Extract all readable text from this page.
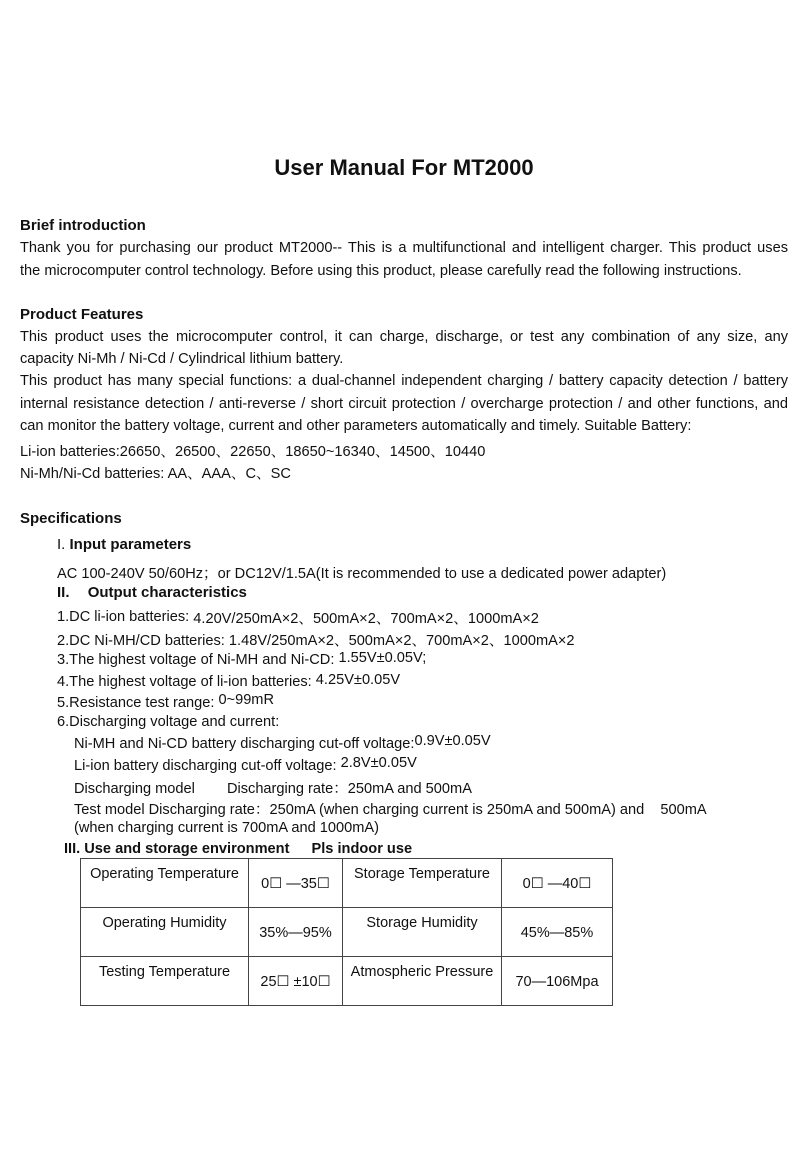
User Manual For MT2000
Brief introduction
Thank you for purchasing our product MT2000-- This is a multifunctional and intelligent charger. This product uses
the microcomputer control technology. Before using this product, please carefully read the following instructions.
Product Features
This product uses the microcomputer control, it can charge, discharge, or test any combination of any size, any
capacity Ni-Mh / Ni-Cd / Cylindrical lithium battery.
This product has many special functions: a dual-channel independent charging / battery capacity detection / battery
internal resistance detection / anti-reverse / short circuit protection / overcharge protection / and other functions, and
can monitor the battery voltage, current and other parameters automatically and timely. Suitable Battery:
Li-ion batteries:26650、26500、22650、18650~16340、14500、10440
Ni-Mh/Ni-Cd batteries: AA、AAA、C、SC
Specifications
I. Input parameters
AC 100-240V 50/60Hz；or DC12V/1.5A(It is recommended to use a dedicated power adapter)
II. Output characteristics
1.DC li-ion batteries: 4.20V/250mA×2、500mA×2、700mA×2、1000mA×2
2.DC Ni-MH/CD batteries: 1.48V/250mA×2、500mA×2、700mA×2、1000mA×2
3.The highest voltage of Ni-MH and Ni-CD: 1.55V±0.05V;
4.The highest voltage of li-ion batteries: 4.25V±0.05V
5.Resistance test range: 0~99mR
6.Discharging voltage and current:
Ni-MH and Ni-CD battery discharging cut-off voltage: 0.9V±0.05V
Li-ion battery discharging cut-off voltage: 2.8V±0.05V
Discharging model Discharging rate：250mA and 500mA
Test model Discharging rate：250mA (when charging current is 250mA and 500mA) and 500mA
(when charging current is 700mA and 1000mA)
III. Use and storage environment Pls indoor use
Operating Temperature	0☐ —35☐	Storage Temperature	0☐ —40☐

Operating Humidity	35%—95%	Storage Humidity	45%—85%

Testing Temperature	25☐ ±10☐	Atmospheric Pressure	70—106Mpa
